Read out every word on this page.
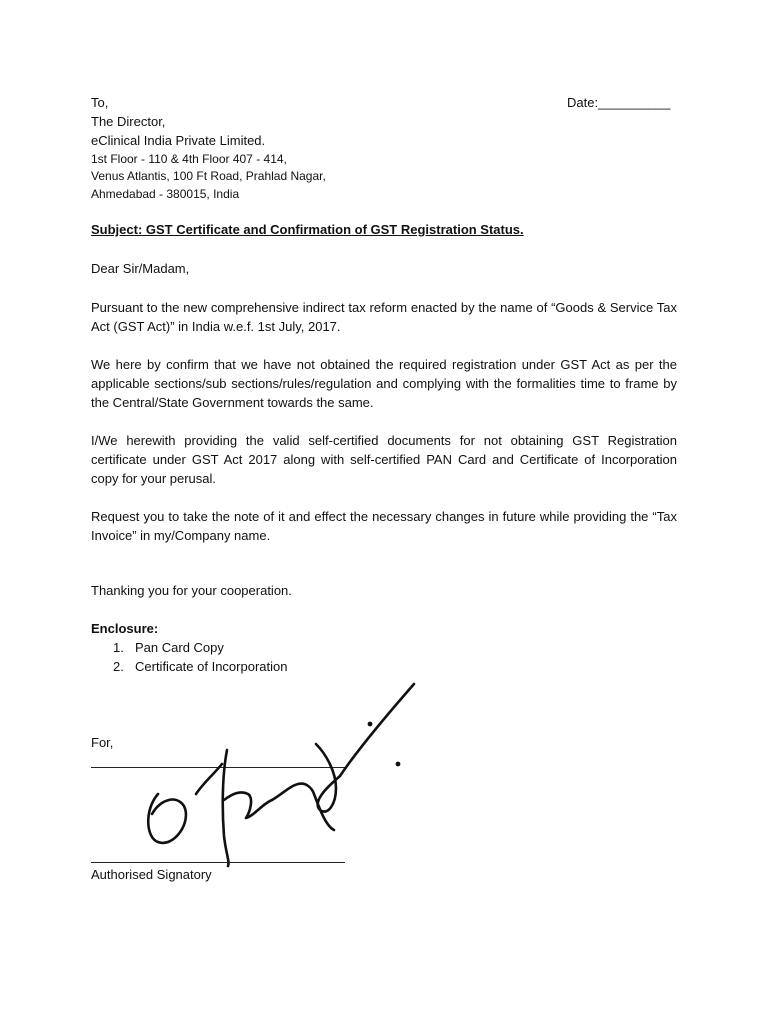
To,	Date:__________
The Director,
eClinical India Private Limited.
1st Floor - 110 & 4th Floor 407 - 414,
Venus Atlantis, 100 Ft Road, Prahlad Nagar,
Ahmedabad - 380015, India
Subject: GST Certificate and Confirmation of GST Registration Status.
Dear Sir/Madam,
Pursuant to the new comprehensive indirect tax reform enacted by the name of “Goods & Service Tax Act (GST Act)” in India w.e.f. 1st July, 2017.
We here by confirm that we have not obtained the required registration under GST Act as per the applicable sections/sub sections/rules/regulation and complying with the formalities time to frame by the Central/State Government towards the same.
I/We herewith providing the valid self-certified documents for not obtaining GST Registration certificate under GST Act 2017 along with self-certified PAN Card and Certificate of Incorporation copy for your perusal.
Request you to take the note of it and effect the necessary changes in future while providing the “Tax Invoice” in my/Company name.
Thanking you for your cooperation.
Enclosure:
1. Pan Card Copy
2. Certificate of Incorporation
For,
Authorised Signatory
